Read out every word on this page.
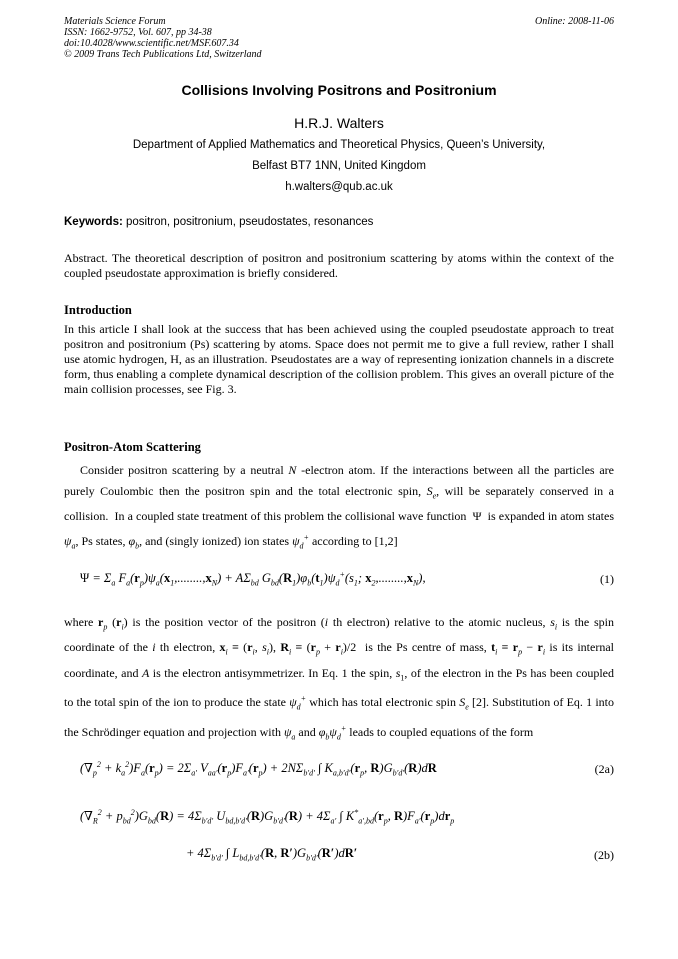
Materials Science Forum
ISSN: 1662-9752, Vol. 607, pp 34-38
doi:10.4028/www.scientific.net/MSF.607.34
© 2009 Trans Tech Publications Ltd, Switzerland
Online: 2008-11-06
Collisions Involving Positrons and Positronium
H.R.J. Walters
Department of Applied Mathematics and Theoretical Physics, Queen’s University,
Belfast BT7 1NN, United Kingdom
h.walters@qub.ac.uk
Keywords: positron, positronium, pseudostates, resonances
Abstract. The theoretical description of positron and positronium scattering by atoms within the context of the coupled pseudostate approximation is briefly considered.
Introduction
In this article I shall look at the success that has been achieved using the coupled pseudostate approach to treat positron and positronium (Ps) scattering by atoms. Space does not permit me to give a full review, rather I shall use atomic hydrogen, H, as an illustration. Pseudostates are a way of representing ionization channels in a discrete form, thus enabling a complete dynamical description of the collision problem. This gives an overall picture of the main collision processes, see Fig. 3.
Positron-Atom Scattering
Consider positron scattering by a neutral N -electron atom. If the interactions between all the particles are purely Coulombic then the positron spin and the total electronic spin, $S_e$, will be separately conserved in a collision.  In a coupled state treatment of this problem the collisional wave function  Ψ  is expanded in atom states $\psi_a$, Ps states, $\varphi_b$, and (singly ionized) ion states $\psi_d^+$ according to [1,2]
$\Psi = \Sigma_a$ $F_a(r_p)\psi_a(x_1,........,x_N) + A\Sigma_{bd}$ $G_{bd}(R_1)\varphi_b(t_1)\psi_d^+(s_1$; $x_2,........,x_N$),	(1)
where $r_p$ $(r_i)$ is the position vector of the positron (i th electron) relative to the atomic nucleus, $s_i$ is the spin coordinate of the i th electron, $x_i \equiv (r_i$, $s_i$), $R_i \equiv (r_p + r_i)/2$  is the Ps centre of mass, $t_i \equiv r_p - r_i$ is its internal coordinate, and A is the electron antisymmetrizer. In Eq. 1 the spin, $s_1$, of the electron in the Ps has been coupled to the total spin of the ion to produce the state $\psi_d^+$ which has total electronic spin $S_e$ [2]. Substitution of Eq. 1 into the Schrödinger equation and projection with $\psi_a$ and $\varphi_b\psi_d^+$ leads to coupled equations of the form
$(\nabla_p^2 + k_a^2)F_a(r_p) = 2\Sigma_{a'}$ $V_{aa'}(r_p)F_{a'}(r_p) + 2N\Sigma_{b'd'}$ ∫ $K_{a,b'd'}(r_p$, $R)G_{b'd'}(R)dR$	(2a)
$(\nabla_R^2 + p_{bd}^2)G_{bd}(R) = 4\Sigma_{b'd'}$ $U_{bd,b'd'}(R)G_{b'd'}(R) + 4\Sigma_{a'}$ ∫ $K^*_{a',bd}(r_p$, $R)F_{a'}(r_p)dr_p$
+ $4\Sigma_{b'd'}$ ∫ $L_{bd,b'd'}(R$, $R')G_{b'd'}(R')dR'$	(2b)
